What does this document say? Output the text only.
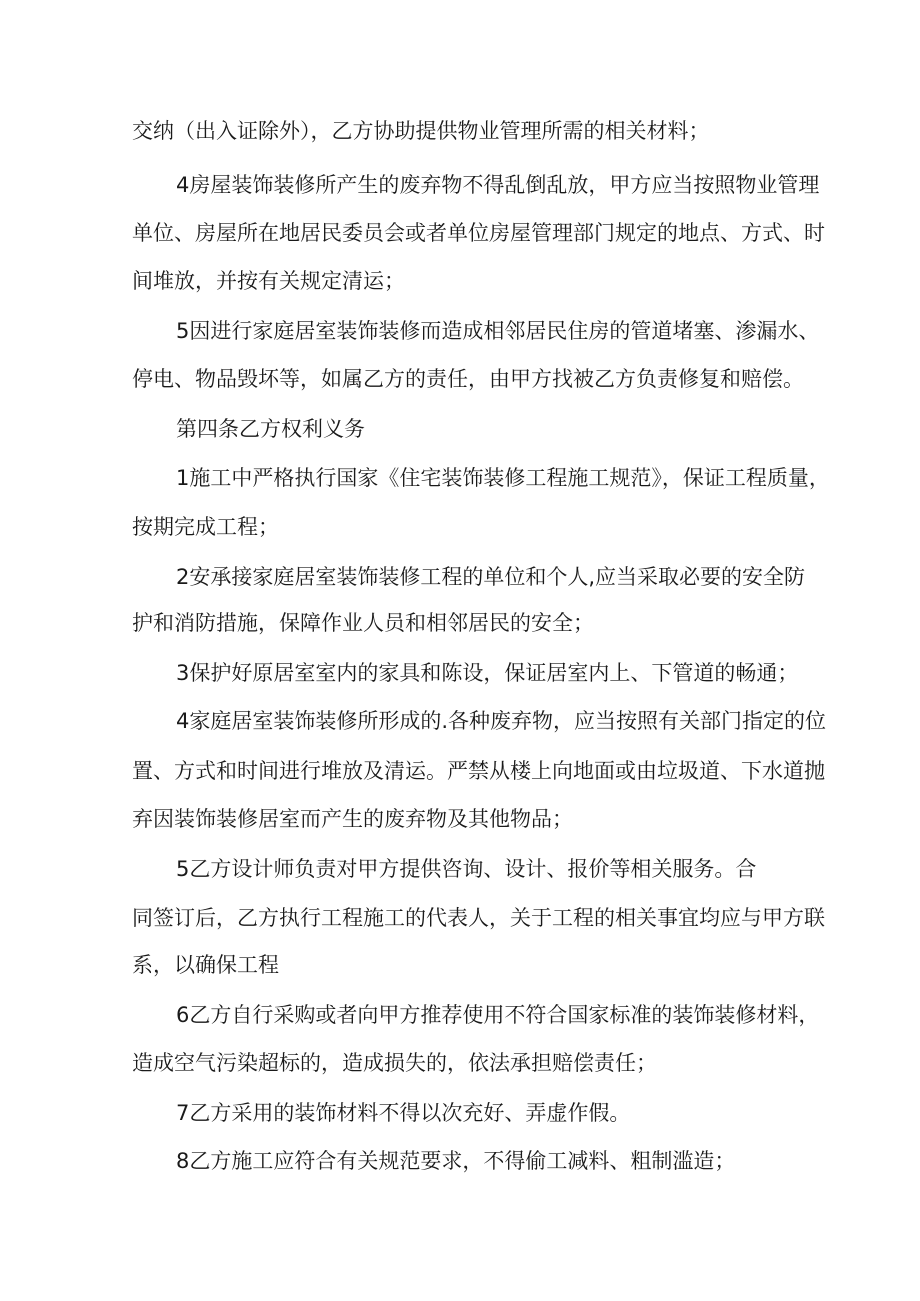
交纳（出入证除外），乙方协助提供物业管理所需的相关材料；
4房屋装饰装修所产生的废弃物不得乱倒乱放，甲方应当按照物业管理
单位、房屋所在地居民委员会或者单位房屋管理部门规定的地点、方式、时
间堆放，并按有关规定清运；
5因进行家庭居室装饰装修而造成相邻居民住房的管道堵塞、渗漏水、
停电、物品毁坏等，如属乙方的责任，由甲方找被乙方负责修复和赔偿。
第四条乙方权利义务
1施工中严格执行国家《住宅装饰装修工程施工规范》，保证工程质量，
按期完成工程；
2安承接家庭居室装饰装修工程的单位和个人,应当采取必要的安全防
护和消防措施，保障作业人员和相邻居民的安全；
3保护好原居室室内的家具和陈设，保证居室内上、下管道的畅通；
4家庭居室装饰装修所形成的.各种废弃物，应当按照有关部门指定的位
置、方式和时间进行堆放及清运。严禁从楼上向地面或由垃圾道、下水道抛
弃因装饰装修居室而产生的废弃物及其他物品；
5乙方设计师负责对甲方提供咨询、设计、报价等相关服务。合
同签订后，乙方执行工程施工的代表人，关于工程的相关事宜均应与甲方联
系，以确保工程
6乙方自行采购或者向甲方推荐使用不符合国家标准的装饰装修材料，
造成空气污染超标的，造成损失的，依法承担赔偿责任；
7乙方采用的装饰材料不得以次充好、弄虚作假。
8乙方施工应符合有关规范要求，不得偷工减料、粗制滥造；
